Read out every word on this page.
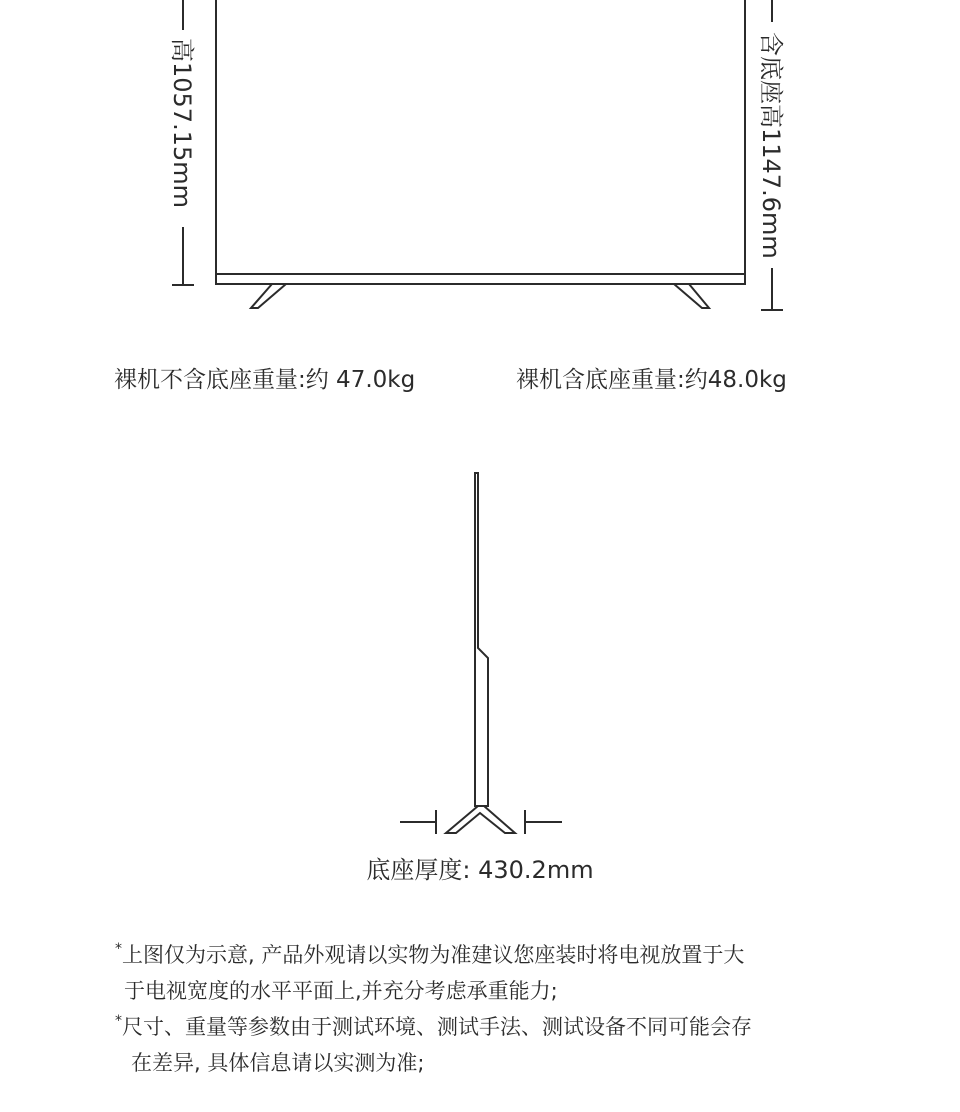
高1057.15mm	含底座高1147.6mm
裸机不含底座重量:约 47.0kg	裸机含底座重量:约48.0kg
底座厚度: 430.2mm
*上图仅为示意, 产品外观请以实物为准建议您座装时将电视放置于大
于电视宽度的水平平面上,并充分考虑承重能力;
*尺寸、重量等参数由于测试环境、测试手法、测试设备不同可能会存
在差异, 具体信息请以实测为准;
